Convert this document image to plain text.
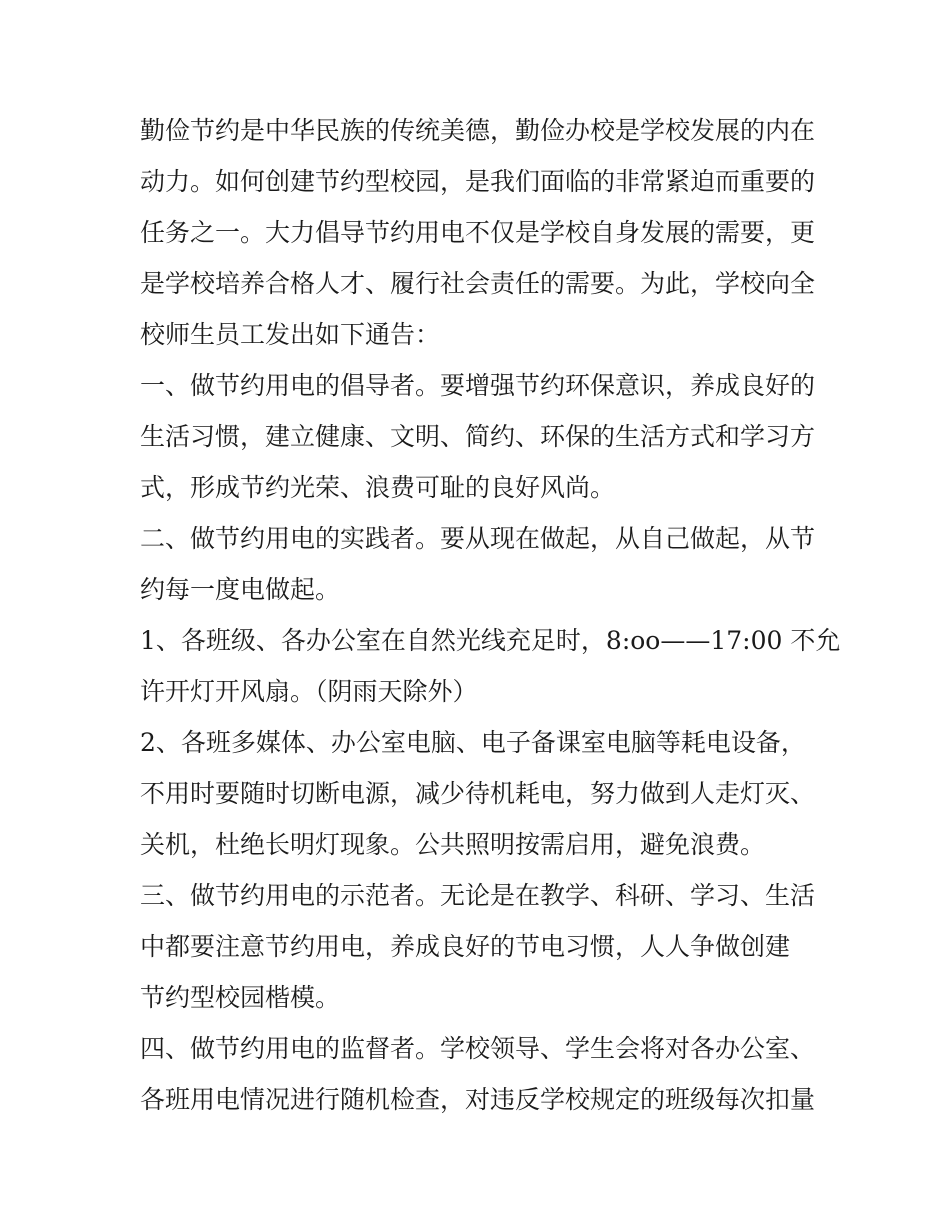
勤俭节约是中华民族的传统美德，勤俭办校是学校发展的内在
动力。如何创建节约型校园，是我们面临的非常紧迫而重要的
任务之一。大力倡导节约用电不仅是学校自身发展的需要，更
是学校培养合格人才、履行社会责任的需要。为此，学校向全
校师生员工发出如下通告：
一、做节约用电的倡导者。要增强节约环保意识，养成良好的
生活习惯，建立健康、文明、简约、环保的生活方式和学习方
式，形成节约光荣、浪费可耻的良好风尚。
二、做节约用电的实践者。要从现在做起，从自己做起，从节
约每一度电做起。
1、各班级、各办公室在自然光线充足时，8:oo——17:00 不允
许开灯开风扇。（阴雨天除外）
2、各班多媒体、办公室电脑、电子备课室电脑等耗电设备，
不用时要随时切断电源，减少待机耗电，努力做到人走灯灭、
关机，杜绝长明灯现象。公共照明按需启用，避免浪费。
三、做节约用电的示范者。无论是在教学、科研、学习、生活
中都要注意节约用电，养成良好的节电习惯，人人争做创建
节约型校园楷模。
四、做节约用电的监督者。学校领导、学生会将对各办公室、
各班用电情况进行随机检查，对违反学校规定的班级每次扣量
